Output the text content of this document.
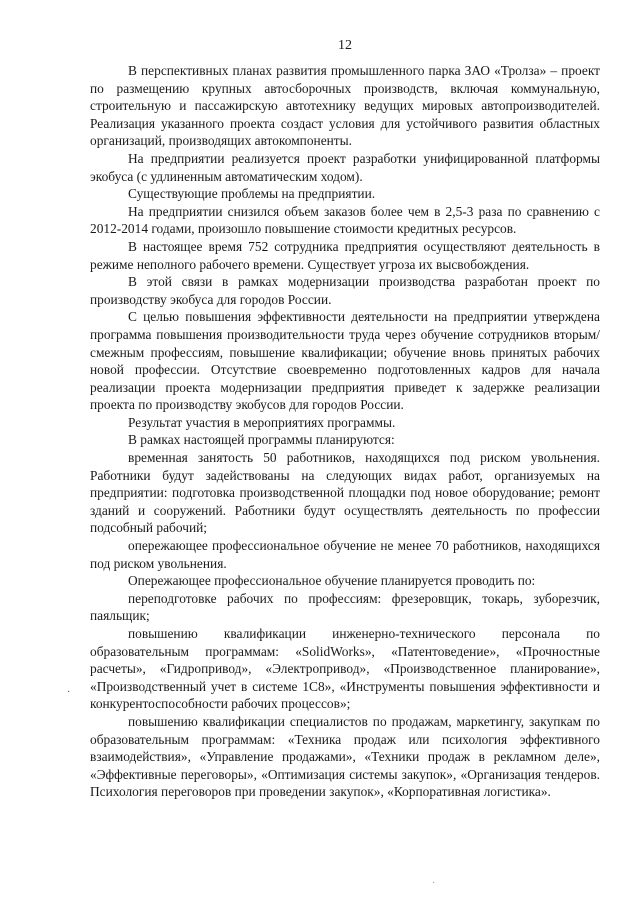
12

В перспективных планах развития промышленного парка ЗАО «Тролза» – проект по размещению крупных автосборочных производств, включая коммунальную, строительную и пассажирскую автотехнику ведущих мировых автопроизводителей. Реализация указанного проекта создаст условия для устойчивого развития областных организаций, производящих автокомпоненты.

На предприятии реализуется проект разработки унифицированной платформы экобуса (с удлиненным автоматическим ходом).

Существующие проблемы на предприятии.

На предприятии снизился объем заказов более чем в 2,5-3 раза по сравнению с 2012-2014 годами, произошло повышение стоимости кредитных ресурсов.

В настоящее время 752 сотрудника предприятия осуществляют деятельность в режиме неполного рабочего времени. Существует угроза их высвобождения.

В этой связи в рамках модернизации производства разработан проект по производству экобуса для городов России.

С целью повышения эффективности деятельности на предприятии утверждена программа повышения производительности труда через обучение сотрудников вторым/смежным профессиям, повышение квалификации; обучение вновь принятых рабочих новой профессии. Отсутствие своевременно подготовленных кадров для начала реализации проекта модернизации предприятия приведет к задержке реализации проекта по производству экобусов для городов России.

Результат участия в мероприятиях программы.

В рамках настоящей программы планируются:

временная занятость 50 работников, находящихся под риском увольнения. Работники будут задействованы на следующих видах работ, организуемых на предприятии: подготовка производственной площадки под новое оборудование; ремонт зданий и сооружений. Работники будут осуществлять деятельность по профессии подсобный рабочий;

опережающее профессиональное обучение не менее 70 работников, находящихся под риском увольнения.

Опережающее профессиональное обучение планируется проводить по:

переподготовке рабочих по профессиям: фрезеровщик, токарь, зуборезчик, паяльщик;

повышению квалификации инженерно-технического персонала по образовательным программам: «SolidWorks», «Патентоведение», «Прочностные расчеты», «Гидропривод», «Электропривод», «Производственное планирование», «Производственный учет в системе 1С8», «Инструменты повышения эффективности и конкурентоспособности рабочих процессов»;

повышению квалификации специалистов по продажам, маркетингу, закупкам по образовательным программам: «Техника продаж или психология эффективного взаимодействия», «Управление продажами», «Техники продаж в рекламном деле», «Эффективные переговоры», «Оптимизация системы закупок», «Организация тендеров. Психология переговоров при проведении закупок», «Корпоративная логистика».

·
·
